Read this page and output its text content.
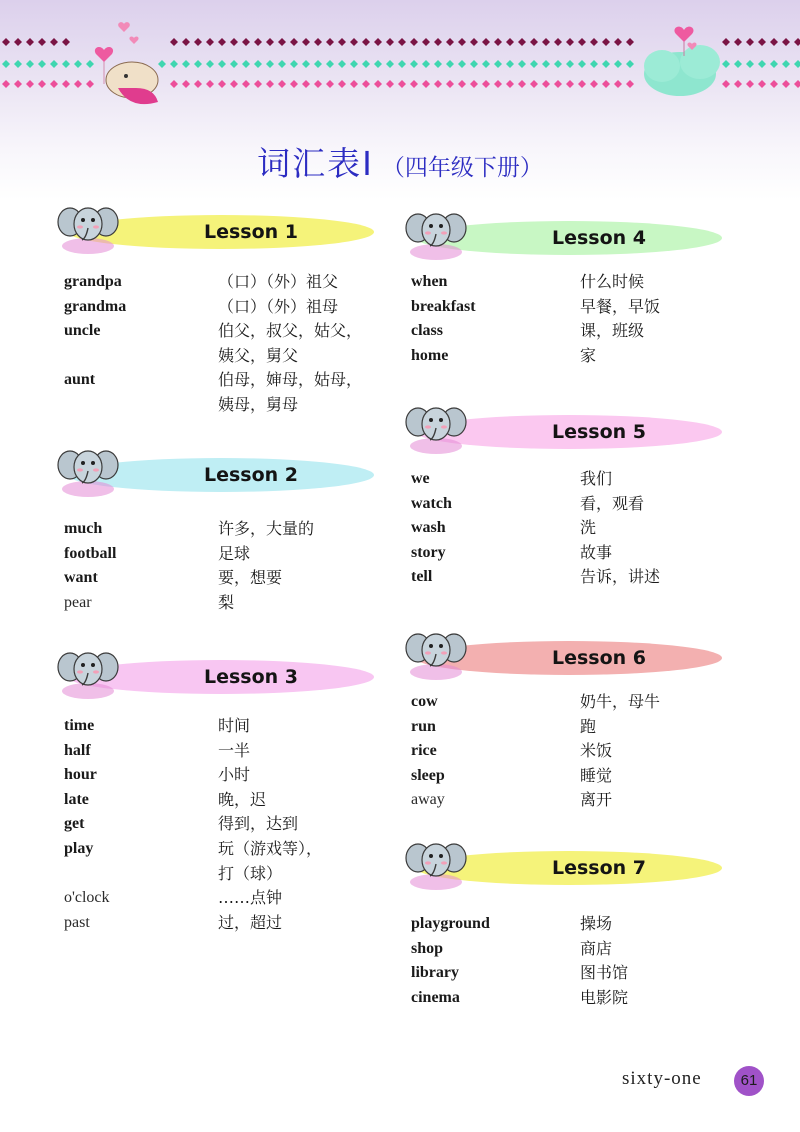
词汇表Ⅰ （四年级下册）
Lesson 1
grandpa	（口）（外）祖父
grandma	（口）（外）祖母
uncle	伯父，叔父，姑父，
姨父，舅父
aunt	伯母，婶母，姑母，
姨母，舅母
Lesson 2
much	许多，大量的
football	足球
want	要，想要
pear	梨
Lesson 3
time	时间
half	一半
hour	小时
late	晚，迟
get	得到，达到
play	玩（游戏等），
打（球）
o'clock	……点钟
past	过，超过
Lesson 4
when	什么时候
breakfast	早餐，早饭
class	课，班级
home	家
Lesson 5
we	我们
watch	看，观看
wash	洗
story	故事
tell	告诉，讲述
Lesson 6
cow	奶牛，母牛
run	跑
rice	米饭
sleep	睡觉
away	离开
Lesson 7
playground	操场
shop	商店
library	图书馆
cinema	电影院
sixty-one	61
